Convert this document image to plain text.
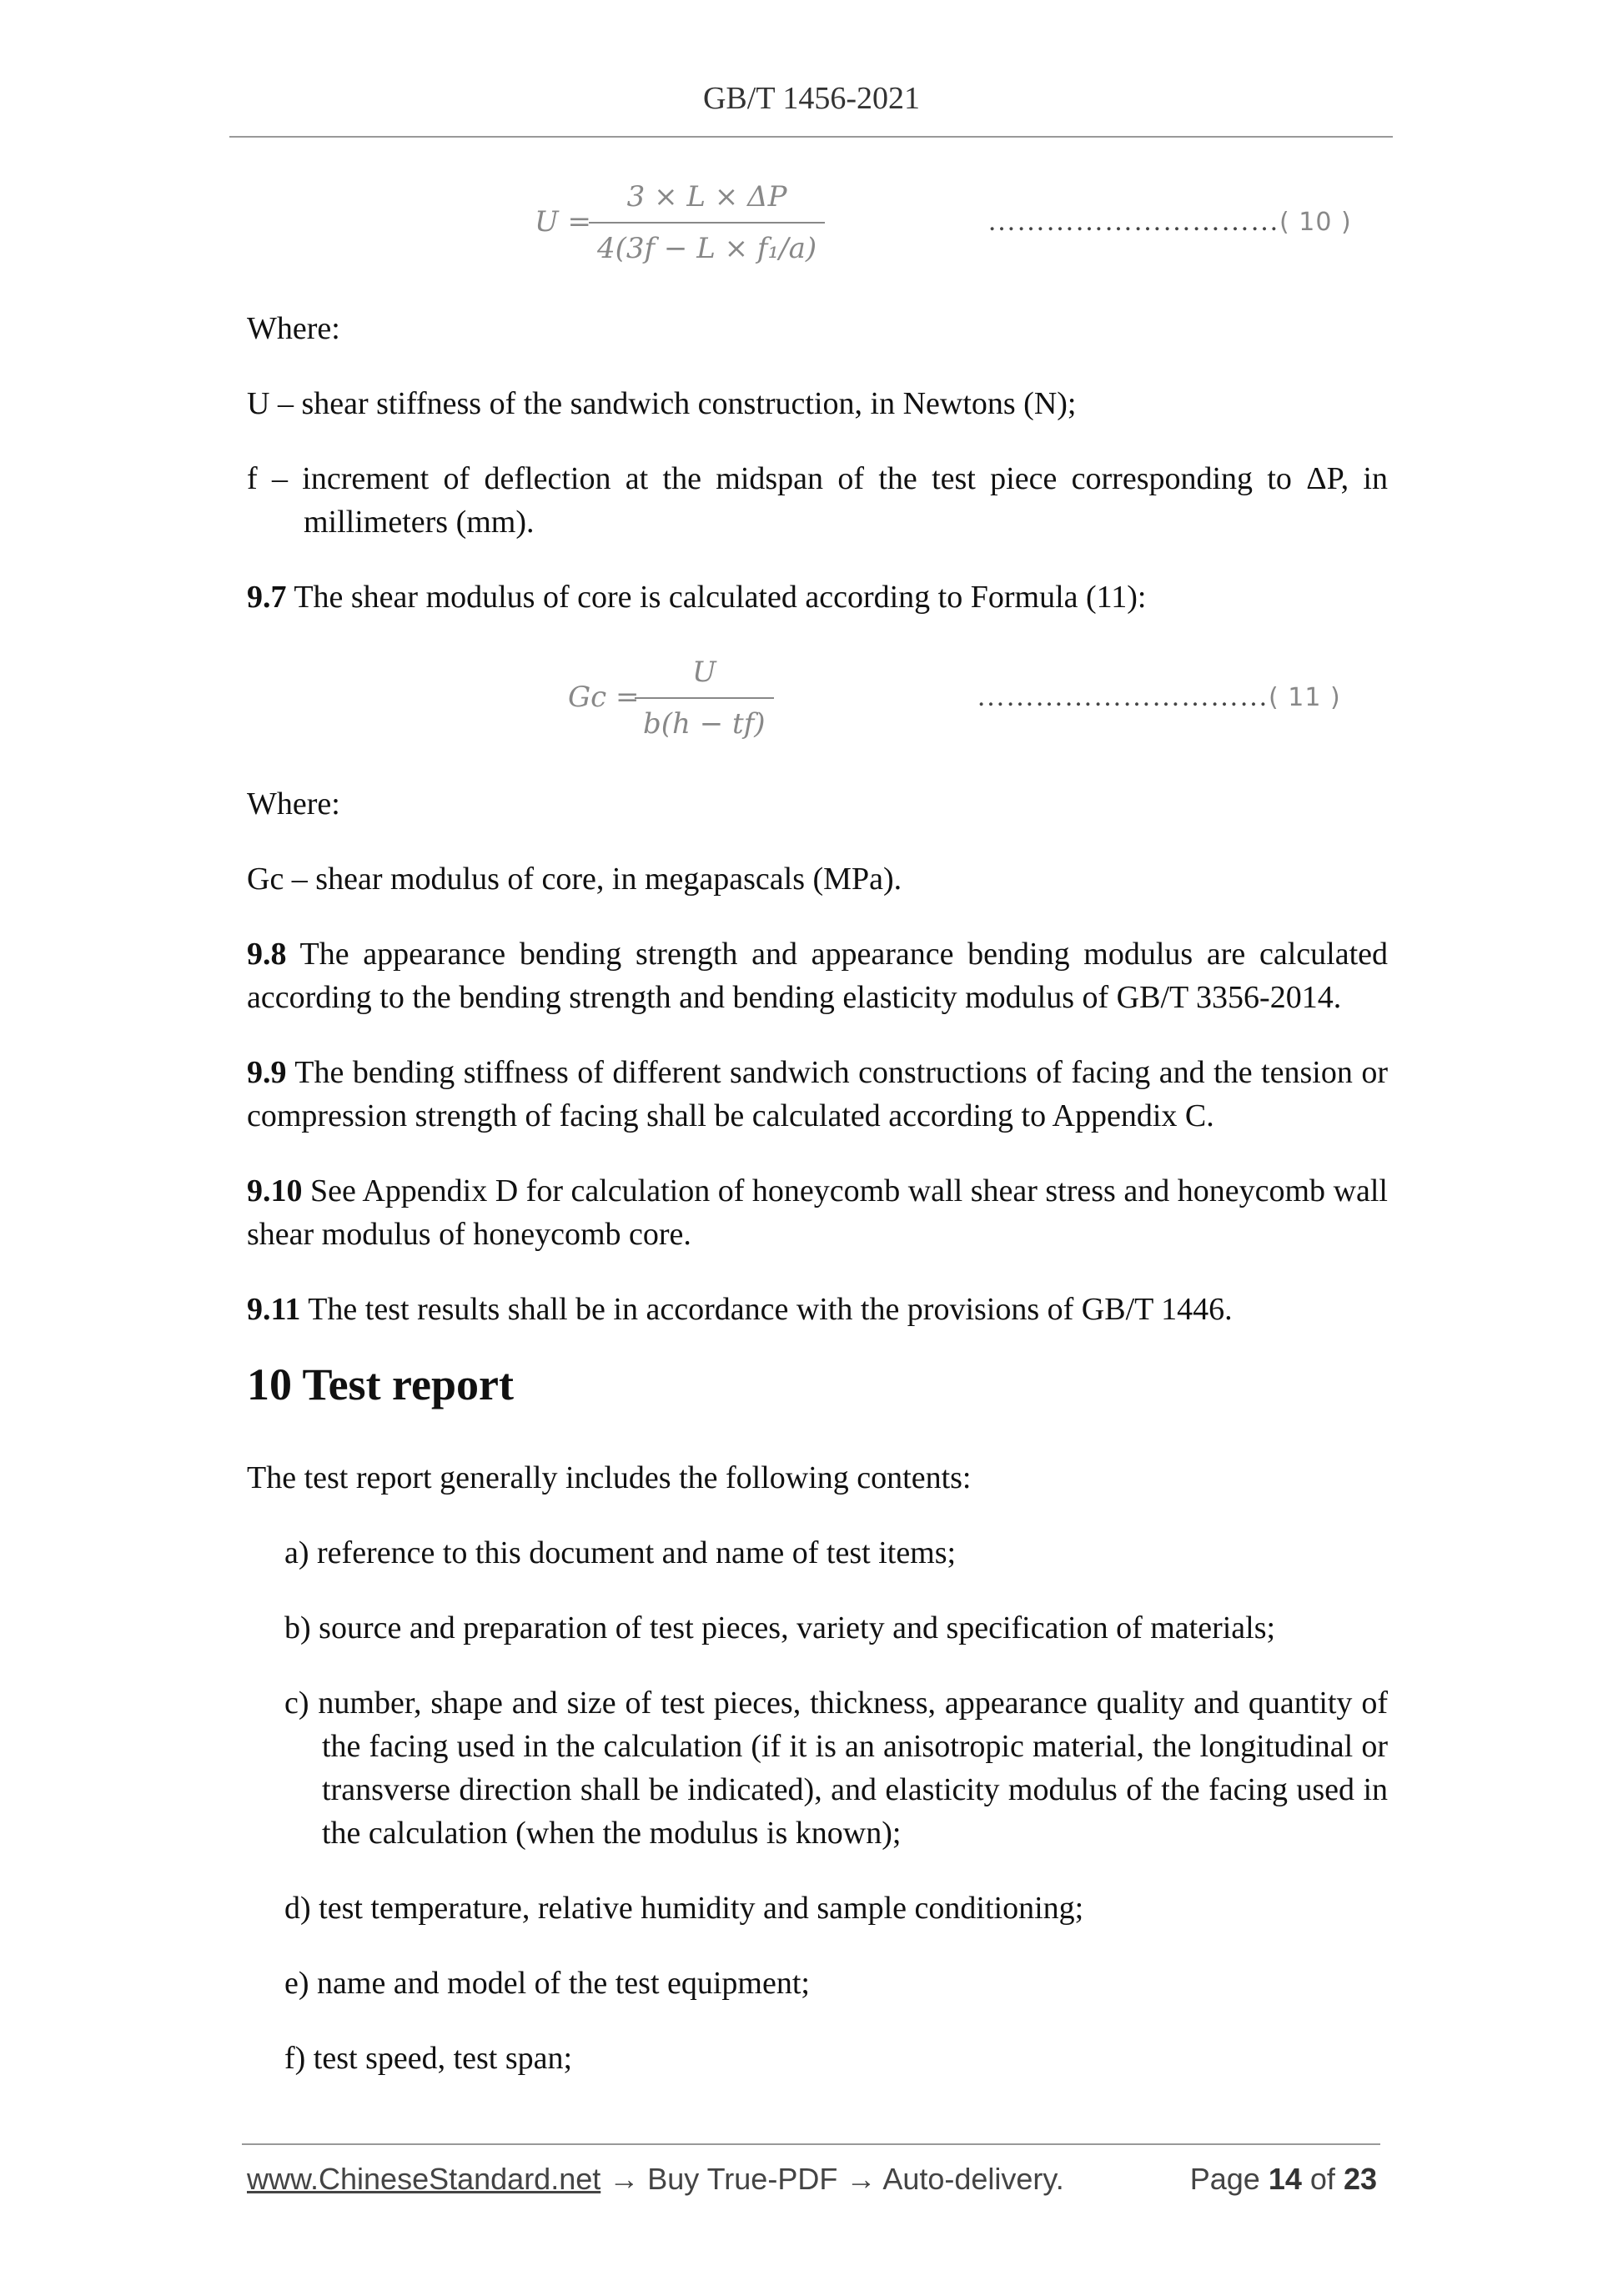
GB/T 1456-2021
U =
$\frac{3 \times L \times \Delta P}{\text{4(3f − L × f₁/a)}}$	…………………………( 10 )

Where:

U – shear stiffness of the sandwich construction, in Newtons (N);

f – increment of deflection at the midspan of the test piece corresponding to ΔP, in millimeters (mm).

9.7 The shear modulus of core is calculated according to Formula (11):

Gc =
$\frac{U}{b(h - tf)}$	…………………………( 11 )

Where:

Gc – shear modulus of core, in megapascals (MPa).

9.8 The appearance bending strength and appearance bending modulus are calculated according to the bending strength and bending elasticity modulus of GB/T 3356-2014.

9.9 The bending stiffness of different sandwich constructions of facing and the tension or compression strength of facing shall be calculated according to Appendix C.

9.10 See Appendix D for calculation of honeycomb wall shear stress and honeycomb wall shear modulus of honeycomb core.

9.11 The test results shall be in accordance with the provisions of GB/T 1446.

10 Test report

The test report generally includes the following contents:

a) reference to this document and name of test items;

b) source and preparation of test pieces, variety and specification of materials;

c) number, shape and size of test pieces, thickness, appearance quality and quantity of the facing used in the calculation (if it is an anisotropic material, the longitudinal or transverse direction shall be indicated), and elasticity modulus of the facing used in the calculation (when the modulus is known);

d) test temperature, relative humidity and sample conditioning;

e) name and model of the test equipment;

f) test speed, test span;

www.ChineseStandard.net → Buy True-PDF → Auto-delivery.	Page 14 of 23
